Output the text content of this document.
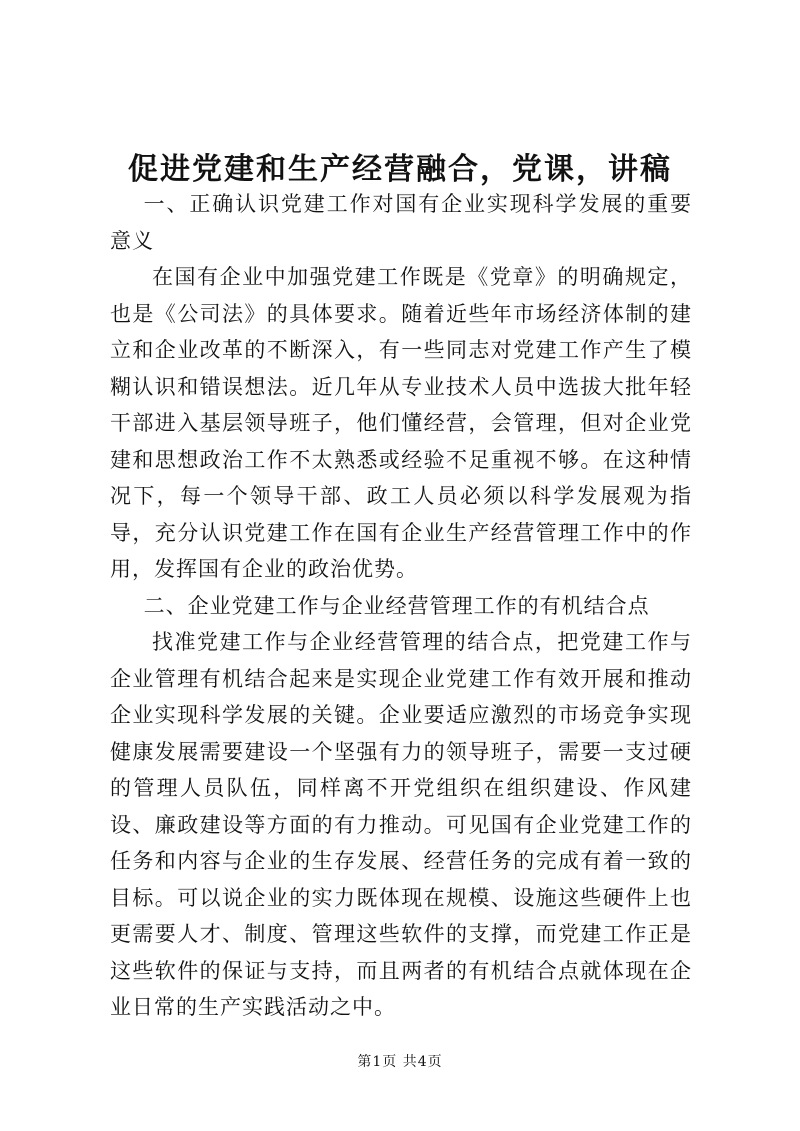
促进党建和生产经营融合，党课，讲稿

一、正确认识党建工作对国有企业实现科学发展的重要意义

在国有企业中加强党建工作既是《党章》的明确规定，也是《公司法》的具体要求。随着近些年市场经济体制的建立和企业改革的不断深入，有一些同志对党建工作产生了模糊认识和错误想法。近几年从专业技术人员中选拔大批年轻干部进入基层领导班子，他们懂经营，会管理，但对企业党建和思想政治工作不太熟悉或经验不足重视不够。在这种情况下，每一个领导干部、政工人员必须以科学发展观为指导，充分认识党建工作在国有企业生产经营管理工作中的作用，发挥国有企业的政治优势。

二、企业党建工作与企业经营管理工作的有机结合点

找准党建工作与企业经营管理的结合点，把党建工作与企业管理有机结合起来是实现企业党建工作有效开展和推动企业实现科学发展的关键。企业要适应激烈的市场竞争实现健康发展需要建设一个坚强有力的领导班子，需要一支过硬的管理人员队伍，同样离不开党组织在组织建设、作风建设、廉政建设等方面的有力推动。可见国有企业党建工作的任务和内容与企业的生存发展、经营任务的完成有着一致的目标。可以说企业的实力既体现在规模、设施这些硬件上也更需要人才、制度、管理这些软件的支撑，而党建工作正是这些软件的保证与支持，而且两者的有机结合点就体现在企业日常的生产实践活动之中。

第1页 共4页
